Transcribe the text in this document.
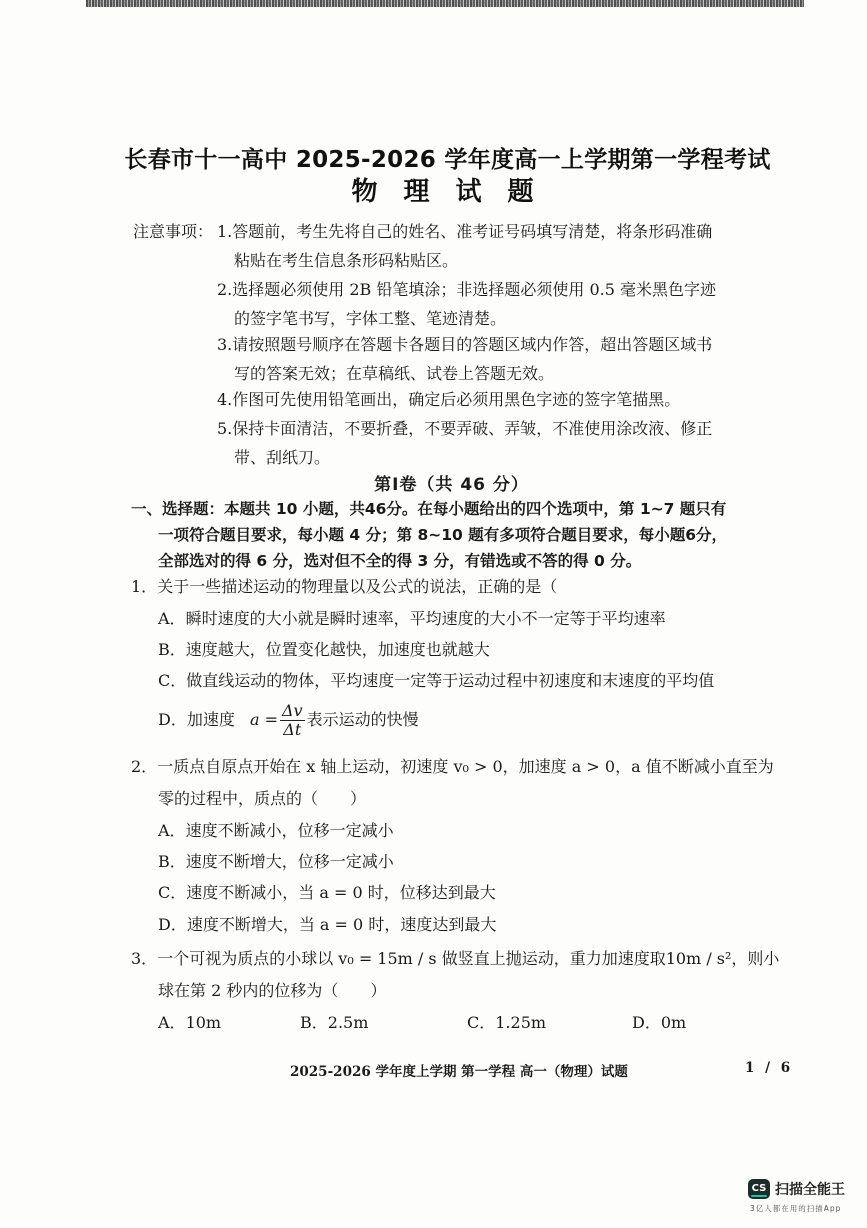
长春市十一高中 2025-2026 学年度高一上学期第一学程考试
物理试题
注意事项： 1.答题前，考生先将自己的姓名、准考证号码填写清楚，将条形码准确
粘贴在考生信息条形码粘贴区。
2.选择题必须使用 2B 铅笔填涂；非选择题必须使用 0.5 毫米黑色字迹
的签字笔书写，字体工整、笔迹清楚。
3.请按照题号顺序在答题卡各题目的答题区域内作答，超出答题区域书
写的答案无效；在草稿纸、试卷上答题无效。
4.作图可先使用铅笔画出，确定后必须用黑色字迹的签字笔描黑。
5.保持卡面清洁，不要折叠，不要弄破、弄皱，不准使用涂改液、修正
带、刮纸刀。
第Ⅰ卷（共 46 分）
一、选择题：本题共 10 小题，共46分。在每小题给出的四个选项中，第 1~7 题只有
一项符合题目要求，每小题 4 分；第 8~10 题有多项符合题目要求，每小题6分，
全部选对的得 6 分，选对但不全的得 3 分，有错选或不答的得 0 分。
1．关于一些描述运动的物理量以及公式的说法，正确的是（
A．瞬时速度的大小就是瞬时速率，平均速度的大小不一定等于平均速率
B．速度越大，位置变化越快，加速度也就越大
C．做直线运动的物体，平均速度一定等于运动过程中初速度和末速度的平均值
D．加速度 $a = \frac{\Delta v}{\Delta t}$ 表示运动的快慢
2．一质点自原点开始在 x 轴上运动，初速度 v₀ > 0，加速度 a > 0，a 值不断减小直至为
零的过程中，质点的（　　）
A．速度不断减小，位移一定减小
B．速度不断增大，位移一定减小
C．速度不断减小，当 a = 0 时，位移达到最大
D．速度不断增大，当 a = 0 时，速度达到最大
3．一个可视为质点的小球以 v₀ = 15m / s 做竖直上抛运动，重力加速度取10m / s²，则小
球在第 2 秒内的位移为（　　）
A．10m	B．2.5m	C．1.25m	D．0m
2025-2026 学年度上学期 第一学程 高一（物理）试题	1 / 6
CS 扫描全能王
3亿人都在用的扫描App
